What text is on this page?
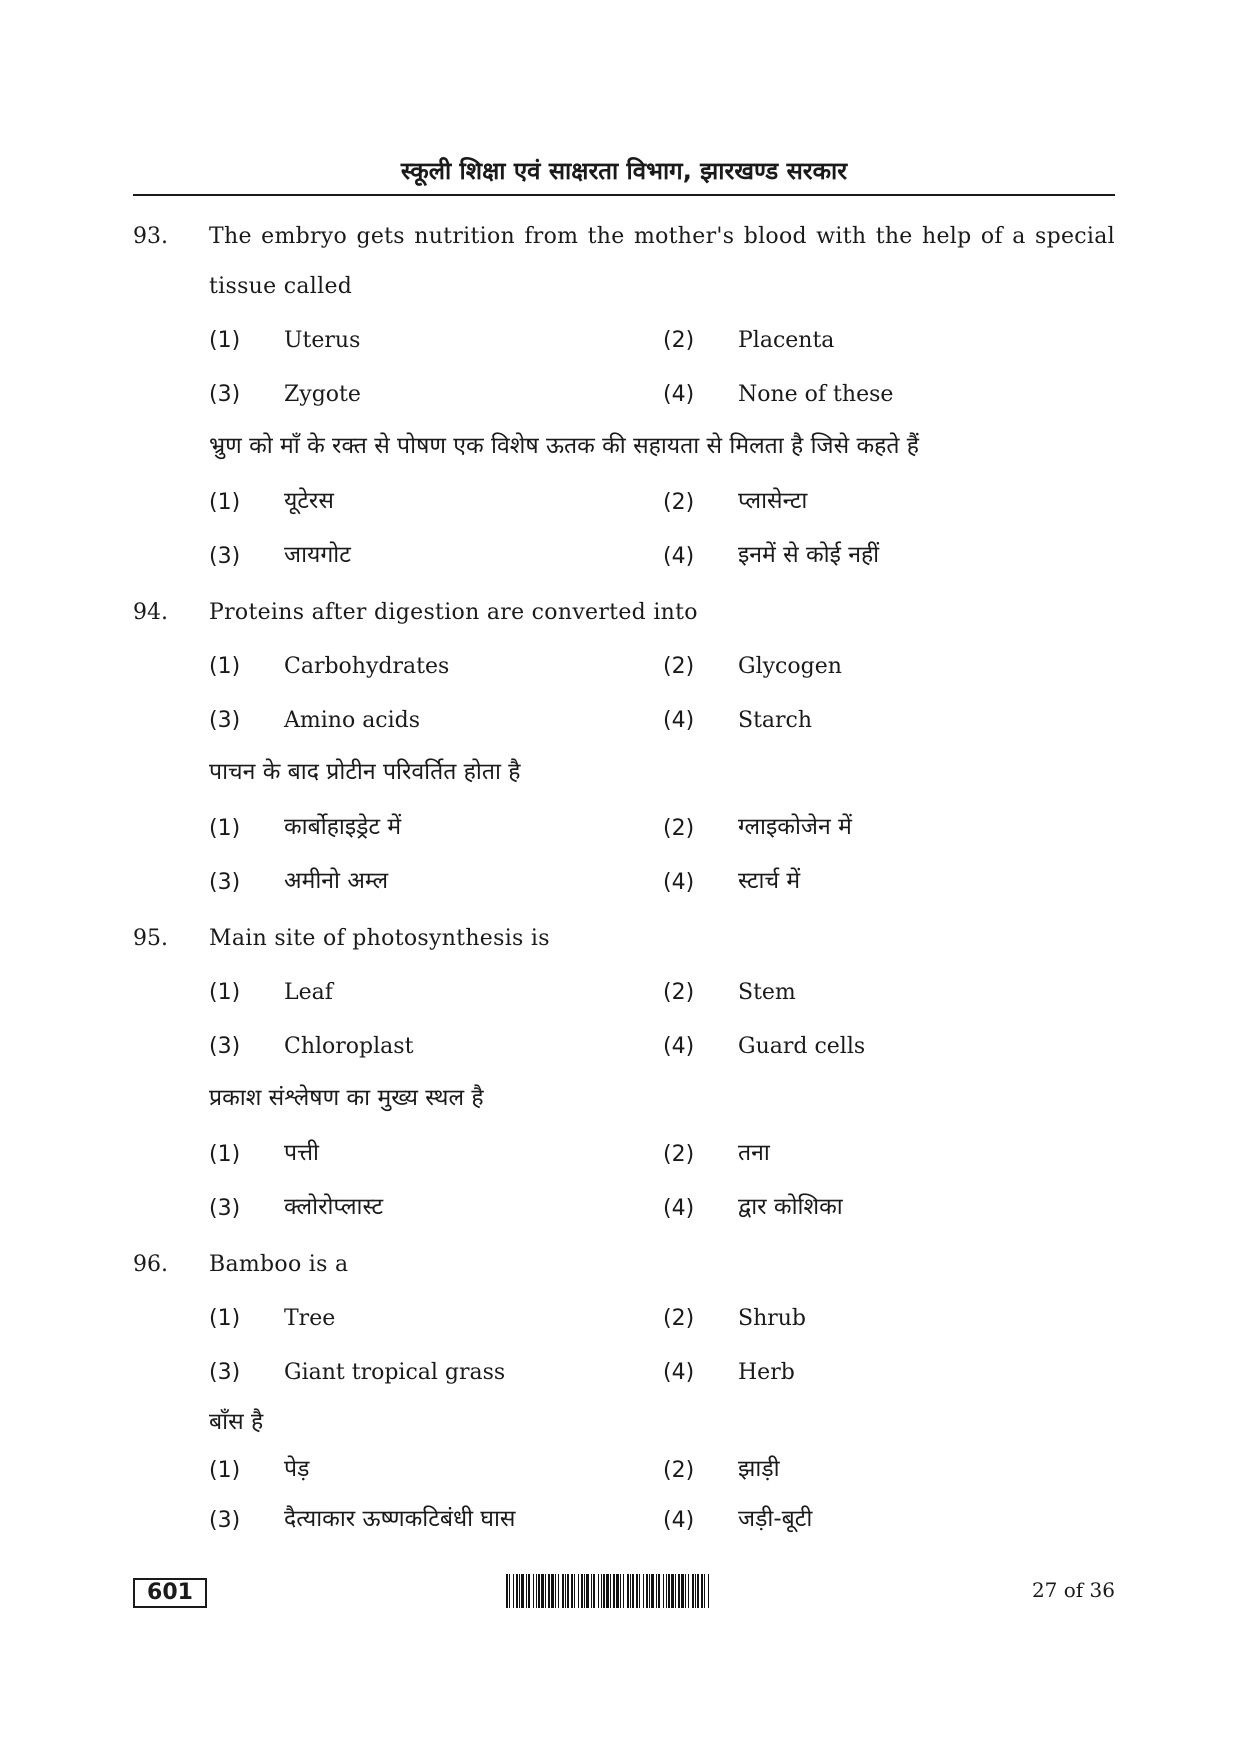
स्कूली शिक्षा एवं साक्षरता विभाग, झारखण्ड सरकार
93. The embryo gets nutrition from the mother's blood with the help of a special
tissue called
(1) Uterus	(2) Placenta
(3) Zygote	(4) None of these
भ्रुण को माँ के रक्त से पोषण एक विशेष ऊतक की सहायता से मिलता है जिसे कहते हैं
(1) यूटेरस	(2) प्लासेन्टा
(3) जायगोट	(4) इनमें से कोई नहीं
94. Proteins after digestion are converted into
(1) Carbohydrates	(2) Glycogen
(3) Amino acids	(4) Starch
पाचन के बाद प्रोटीन परिवर्तित होता है
(1) कार्बोहाइड्रेट में	(2) ग्लाइकोजेन में
(3) अमीनो अम्ल	(4) स्टार्च में
95. Main site of photosynthesis is
(1) Leaf	(2) Stem
(3) Chloroplast	(4) Guard cells
प्रकाश संश्लेषण का मुख्य स्थल है
(1) पत्ती	(2) तना
(3) क्लोरोप्लास्ट	(4) द्वार कोशिका
96. Bamboo is a
(1) Tree	(2) Shrub
(3) Giant tropical grass	(4) Herb
बाँस है
(1) पेड़	(2) झाड़ी
(3) दैत्याकार ऊष्णकटिबंधी घास	(4) जड़ी-बूटी
601	27 of 36
